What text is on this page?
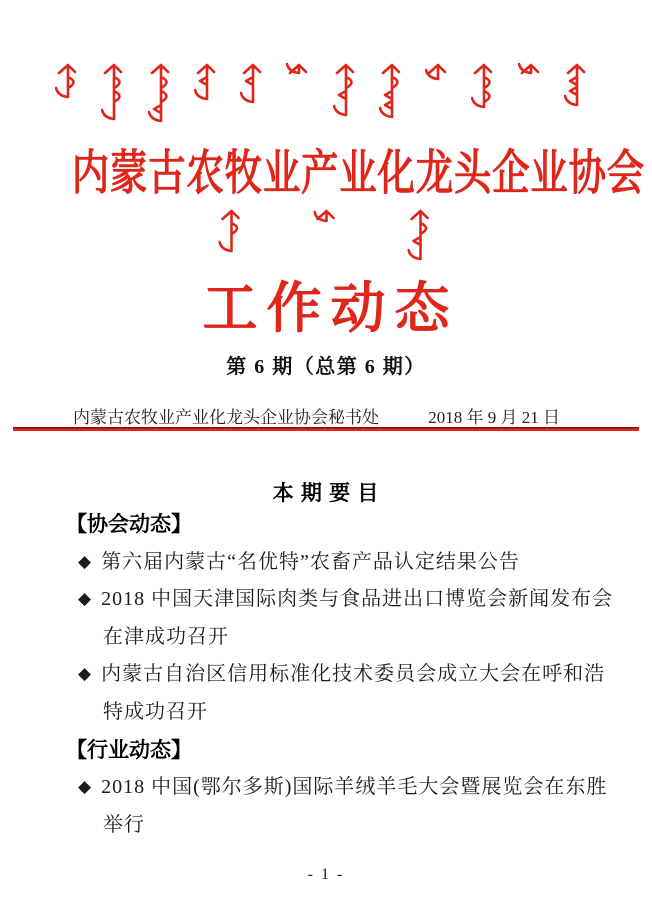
内蒙古农牧业产业化龙头企业协会
工作动态
第 6 期（总第 6 期）
内蒙古农牧业产业化龙头企业协会秘书处	2018 年 9 月 21 日
本 期 要 目
【协会动态】
◆ 第六届内蒙古“名优特”农畜产品认定结果公告
◆ 2018 中国天津国际肉类与食品进出口博览会新闻发布会
在津成功召开
◆ 内蒙古自治区信用标准化技术委员会成立大会在呼和浩
特成功召开
【行业动态】
◆ 2018 中国(鄂尔多斯)国际羊绒羊毛大会暨展览会在东胜
举行
- 1 -
